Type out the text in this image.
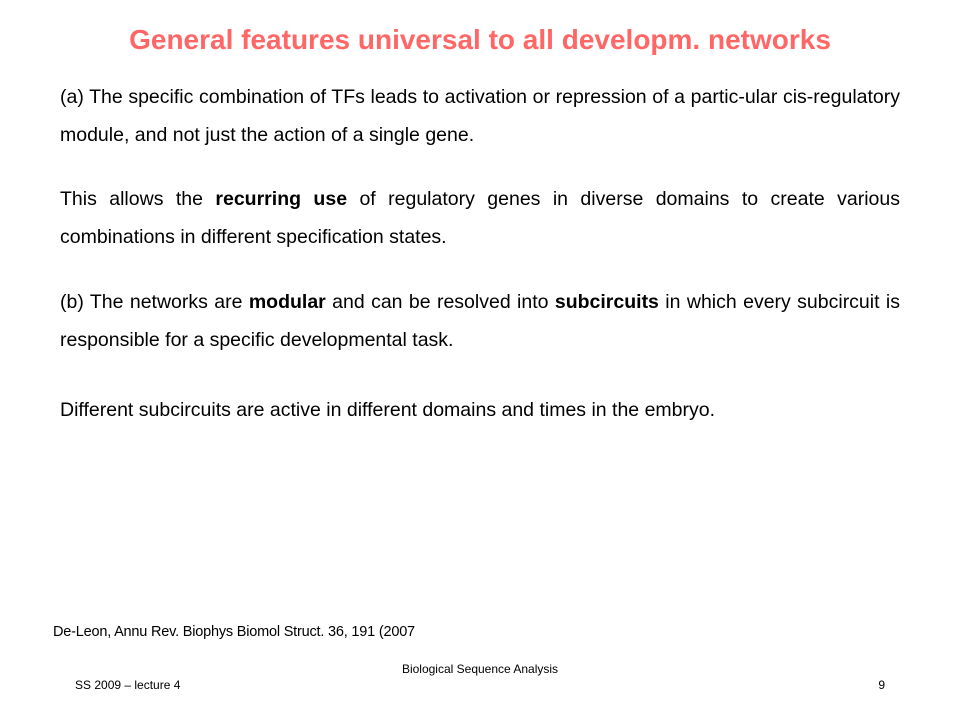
General features universal to all developm. networks
(a) The specific combination of TFs leads to activation or repression of a partic-ular cis-regulatory module, and not just the action of a single gene.
This allows the recurring use of regulatory genes in diverse domains to create various combinations in different specification states.
(b) The networks are modular and can be resolved into subcircuits in which every subcircuit is responsible for a specific developmental task.
Different subcircuits are active in different domains and times in the embryo.
De-Leon, Annu Rev. Biophys Biomol Struct. 36, 191 (2007
Biological Sequence Analysis
SS 2009 – lecture 4	9
